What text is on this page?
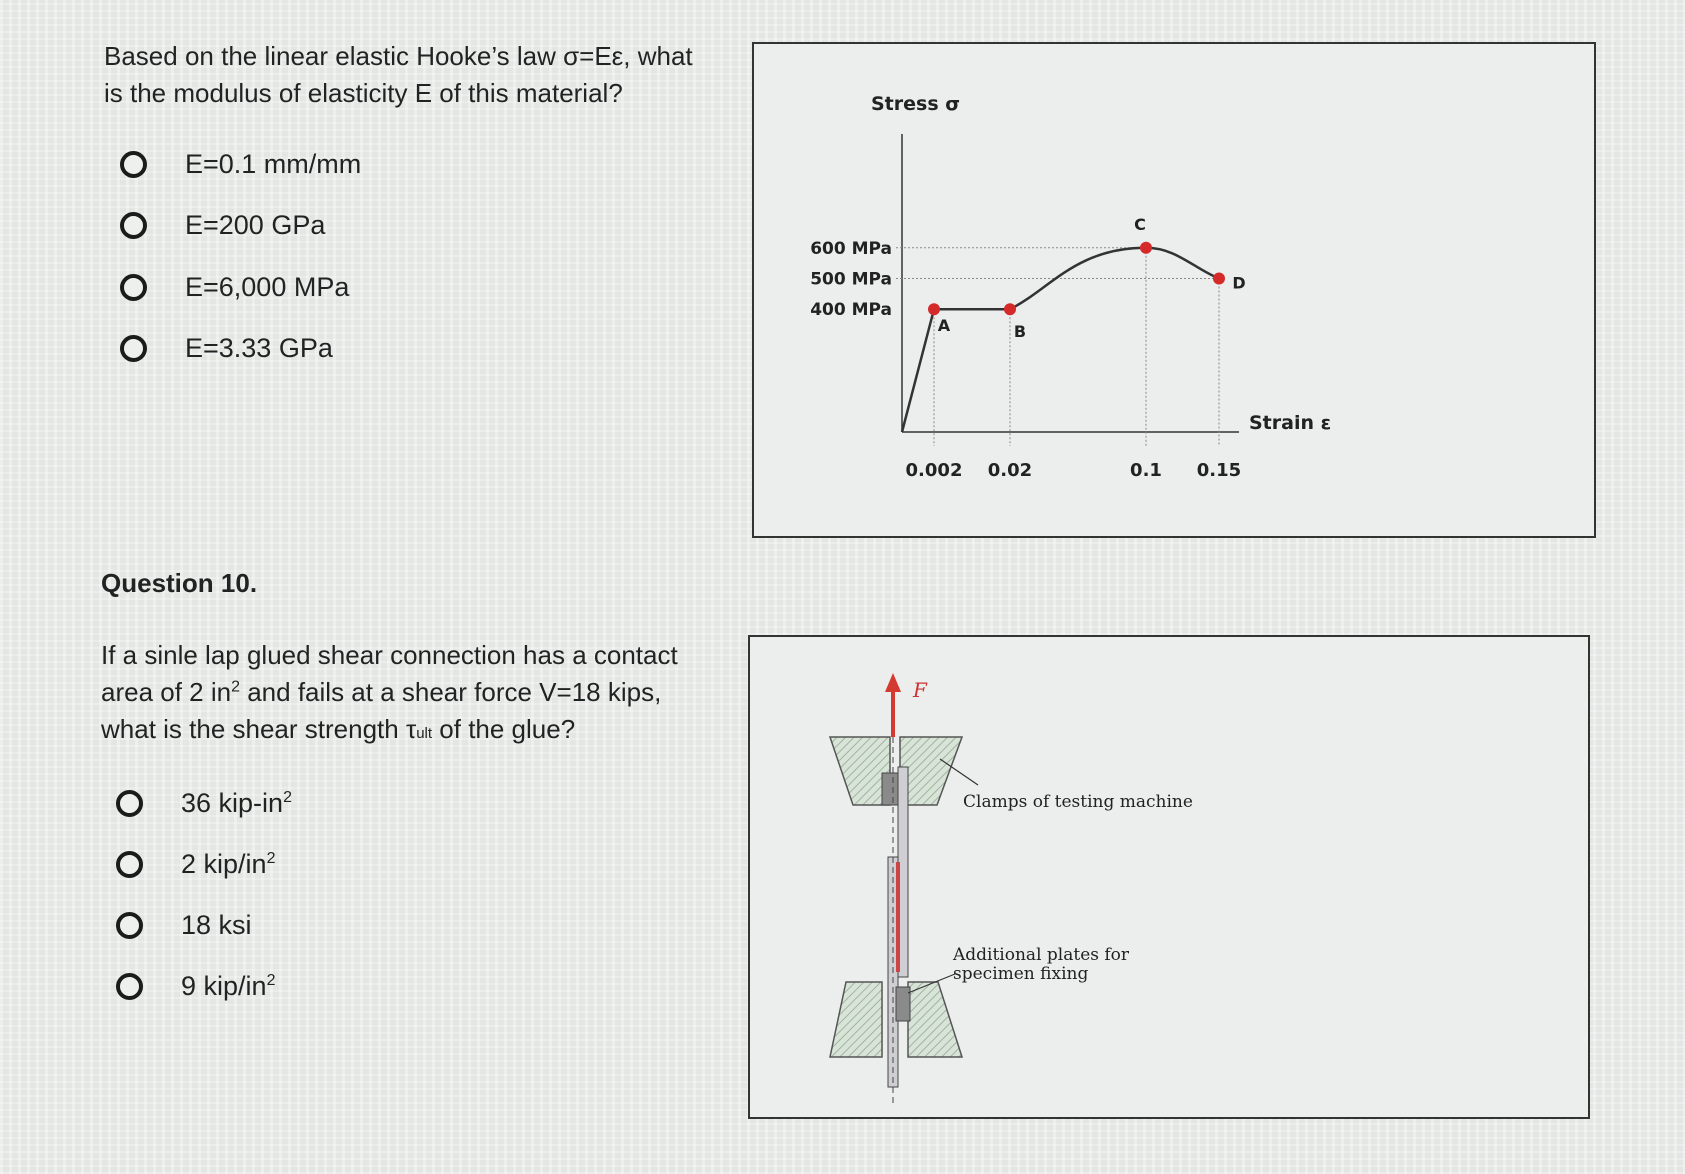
Based on the linear elastic Hooke’s law σ=Eε, what
is the modulus of elasticity E of this material?
E=0.1 mm/mm
E=200 GPa
E=6,000 MPa
E=3.33 GPa
Stress σ
Strain ε
A	B
C
D
600 MPa
500 MPa
400 MPa
0.002 0.02	0.1 0.15
Question 10.
If a sinle lap glued shear connection has a contact
area of 2 $in^2$ and fails at a shear force V=18 kips,
what is the shear strength τult of the glue?
36 kip-$in^2$
2 kip/$in^2$
18 ksi
9 kip/$in^2$
F
Clamps of testing machine
Additional plates for
specimen fixing
